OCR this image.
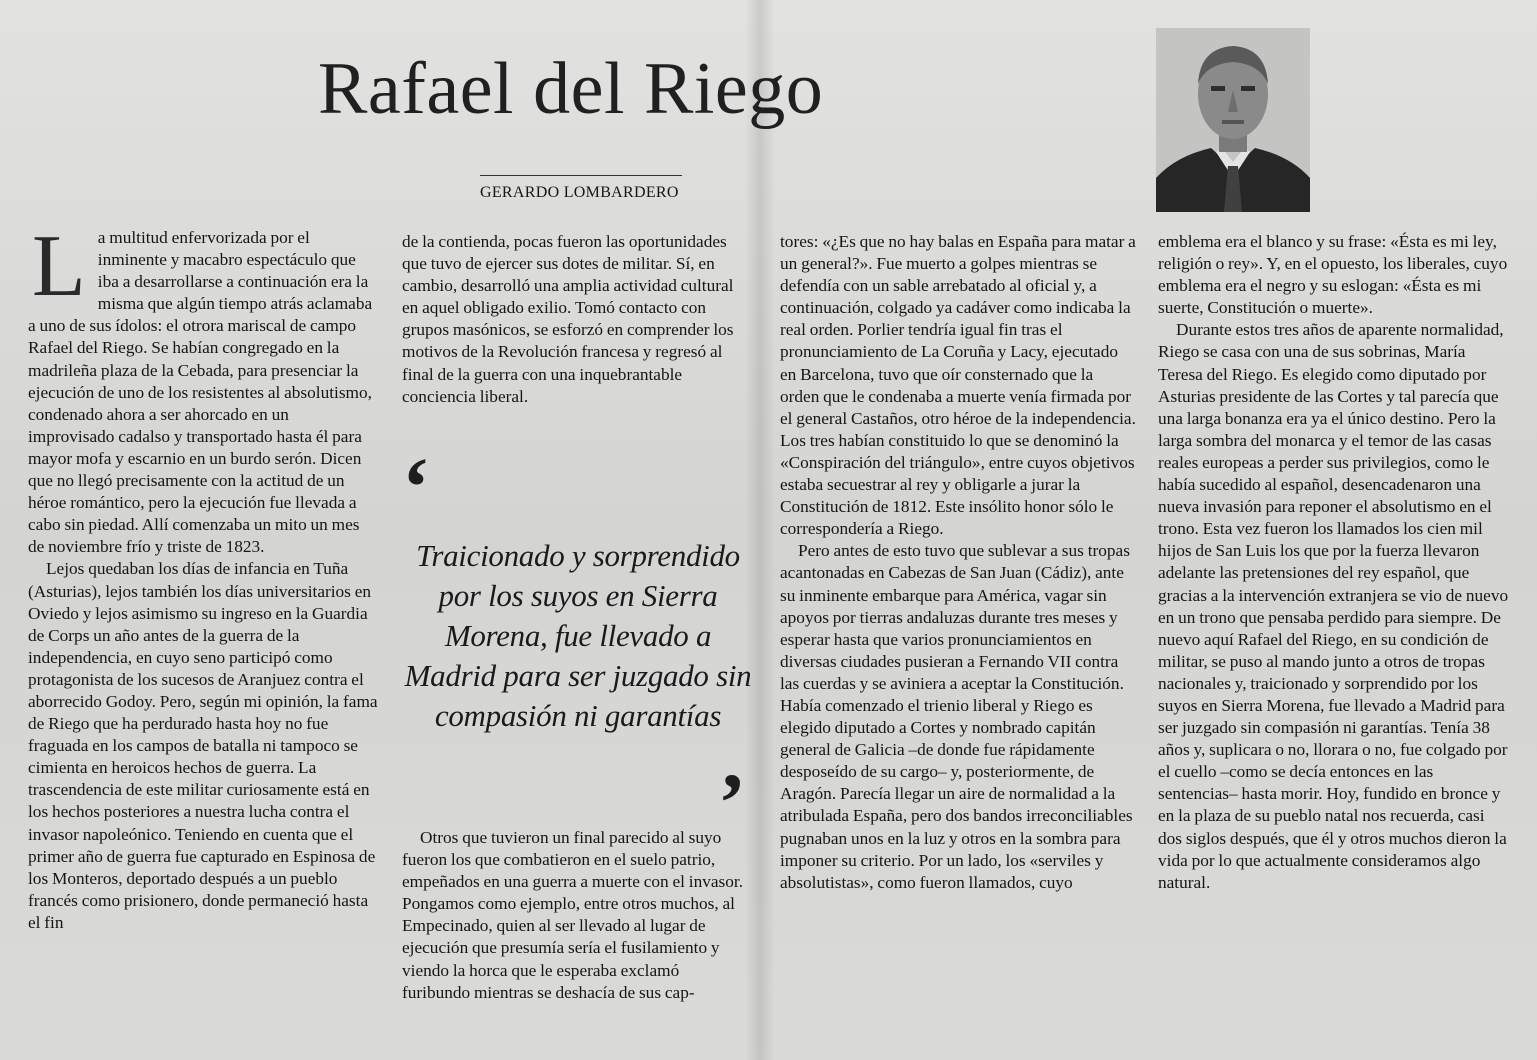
Rafael del Riego
GERARDO LOMBARDERO
L a multitud enfervorizada por el inminente y macabro espectáculo que iba a desarrollarse a continuación era la misma que algún tiempo atrás aclamaba a uno de sus ídolos: el otrora mariscal de campo Rafael del Riego. Se habían congregado en la madrileña plaza de la Cebada, para presenciar la ejecución de uno de los resistentes al absolutismo, condenado ahora a ser ahorcado en un improvisado cadalso y transportado hasta él para mayor mofa y escarnio en un burdo serón. Dicen que no llegó precisamente con la actitud de un héroe romántico, pero la ejecución fue llevada a cabo sin piedad. Allí comenzaba un mito un mes de noviembre frío y triste de 1823.

Lejos quedaban los días de infancia en Tuña (Asturias), lejos también los días universitarios en Oviedo y lejos asimismo su ingreso en la Guardia de Corps un año antes de la guerra de la independencia, en cuyo seno participó como protagonista de los sucesos de Aranjuez contra el aborrecido Godoy. Pero, según mi opinión, la fama de Riego que ha perdurado hasta hoy no fue fraguada en los campos de batalla ni tampoco se cimienta en heroicos hechos de guerra. La trascendencia de este militar curiosamente está en los hechos posteriores a nuestra lucha contra el invasor napoleónico. Teniendo en cuenta que el primer año de guerra fue capturado en Espinosa de los Monteros, deportado después a un pueblo francés como prisionero, donde permaneció hasta el fin

de la contienda, pocas fueron las oportunidades que tuvo de ejercer sus dotes de militar. Sí, en cambio, desarrolló una amplia actividad cultural en aquel obligado exilio. Tomó contacto con grupos masónicos, se esforzó en comprender los motivos de la Revolución francesa y regresó al final de la guerra con una inquebrantable conciencia liberal.

‘
Traicionado y sorprendido por los suyos en Sierra Morena, fue llevado a Madrid para ser juzgado sin compasión ni garantías
’

Otros que tuvieron un final parecido al suyo fueron los que combatieron en el suelo patrio, empeñados en una guerra a muerte con el invasor. Pongamos como ejemplo, entre otros muchos, al Empecinado, quien al ser llevado al lugar de ejecución que presumía sería el fusilamiento y viendo la horca que le esperaba exclamó furibundo mientras se deshacía de sus cap-

tores: «¿Es que no hay balas en España para matar a un general?». Fue muerto a golpes mientras se defendía con un sable arrebatado al oficial y, a continuación, colgado ya cadáver como indicaba la real orden. Porlier tendría igual fin tras el pronunciamiento de La Coruña y Lacy, ejecutado en Barcelona, tuvo que oír consternado que la orden que le condenaba a muerte venía firmada por el general Castaños, otro héroe de la independencia. Los tres habían constituido lo que se denominó la «Conspiración del triángulo», entre cuyos objetivos estaba secuestrar al rey y obligarle a jurar la Constitución de 1812. Este insólito honor sólo le correspondería a Riego.

Pero antes de esto tuvo que sublevar a sus tropas acantonadas en Cabezas de San Juan (Cádiz), ante su inminente embarque para América, vagar sin apoyos por tierras andaluzas durante tres meses y esperar hasta que varios pronunciamientos en diversas ciudades pusieran a Fernando VII contra las cuerdas y se aviniera a aceptar la Constitución. Había comenzado el trienio liberal y Riego es elegido diputado a Cortes y nombrado capitán general de Galicia –de donde fue rápidamente desposeído de su cargo– y, posteriormente, de Aragón. Parecía llegar un aire de normalidad a la atribulada España, pero dos bandos irreconciliables pugnaban unos en la luz y otros en la sombra para imponer su criterio. Por un lado, los «serviles y absolutistas», como fueron llamados, cuyo

emblema era el blanco y su frase: «Ésta es mi ley, religión o rey». Y, en el opuesto, los liberales, cuyo emblema era el negro y su eslogan: «Ésta es mi suerte, Constitución o muerte».

Durante estos tres años de aparente normalidad, Riego se casa con una de sus sobrinas, María Teresa del Riego. Es elegido como diputado por Asturias presidente de las Cortes y tal parecía que una larga bonanza era ya el único destino. Pero la larga sombra del monarca y el temor de las casas reales europeas a perder sus privilegios, como le había sucedido al español, desencadenaron una nueva invasión para reponer el absolutismo en el trono. Esta vez fueron los llamados los cien mil hijos de San Luis los que por la fuerza llevaron adelante las pretensiones del rey español, que gracias a la intervención extranjera se vio de nuevo en un trono que pensaba perdido para siempre. De nuevo aquí Rafael del Riego, en su condición de militar, se puso al mando junto a otros de tropas nacionales y, traicionado y sorprendido por los suyos en Sierra Morena, fue llevado a Madrid para ser juzgado sin compasión ni garantías. Tenía 38 años y, suplicara o no, llorara o no, fue colgado por el cuello –como se decía entonces en las sentencias– hasta morir. Hoy, fundido en bronce y en la plaza de su pueblo natal nos recuerda, casi dos siglos después, que él y otros muchos dieron la vida por lo que actualmente consideramos algo natural.
